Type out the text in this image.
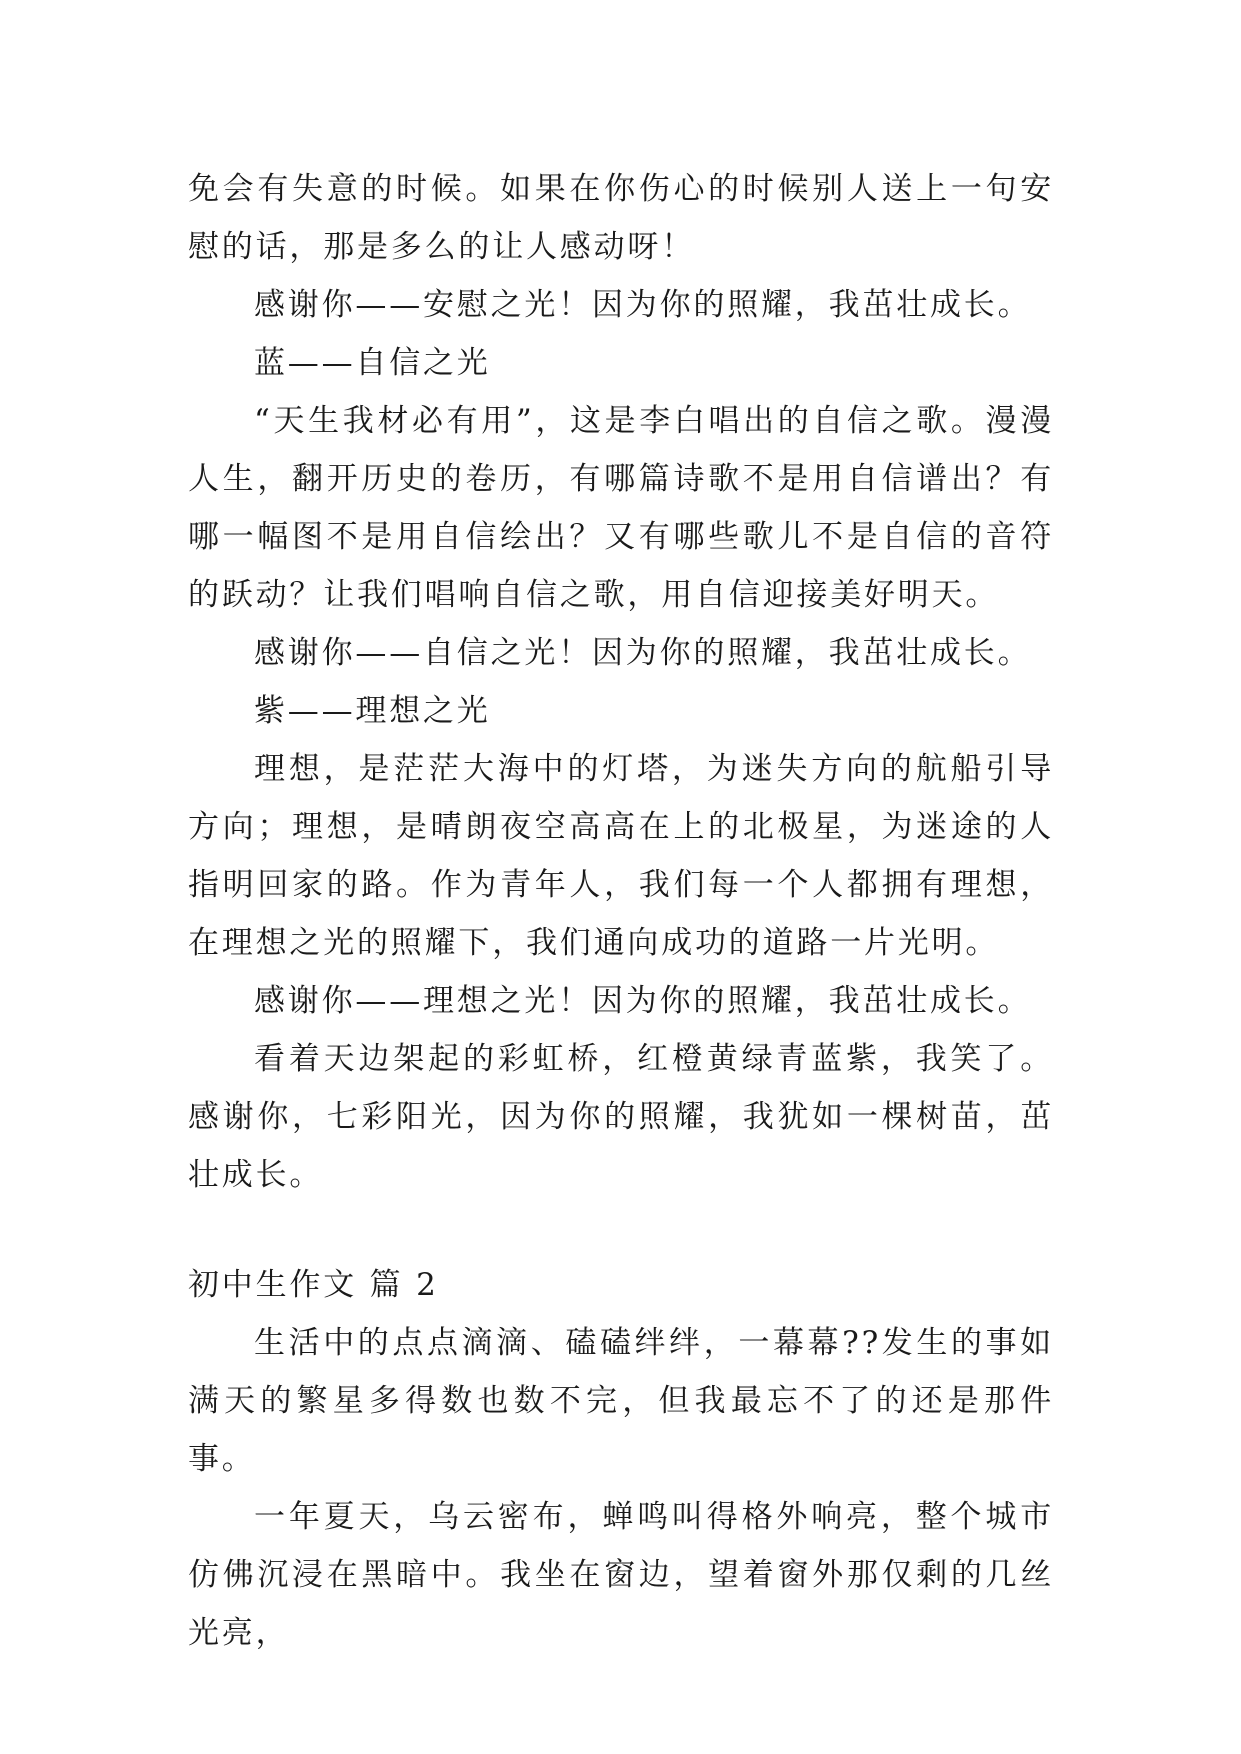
免会有失意的时候。如果在你伤心的时候别人送上一句安慰的话，那是多么的让人感动呀！

感谢你——安慰之光！因为你的照耀，我茁壮成长。

蓝——自信之光

“天生我材必有用”，这是李白唱出的自信之歌。漫漫人生，翻开历史的卷历，有哪篇诗歌不是用自信谱出？有哪一幅图不是用自信绘出？又有哪些歌儿不是自信的音符的跃动？让我们唱响自信之歌，用自信迎接美好明天。

感谢你——自信之光！因为你的照耀，我茁壮成长。

紫——理想之光

理想，是茫茫大海中的灯塔，为迷失方向的航船引导方向；理想，是晴朗夜空高高在上的北极星，为迷途的人指明回家的路。作为青年人，我们每一个人都拥有理想，在理想之光的照耀下，我们通向成功的道路一片光明。

感谢你——理想之光！因为你的照耀，我茁壮成长。

看着天边架起的彩虹桥，红橙黄绿青蓝紫，我笑了。感谢你，七彩阳光，因为你的照耀，我犹如一棵树苗，茁壮成长。

初中生作文 篇 2

生活中的点点滴滴、磕磕绊绊，一幕幕??发生的事如满天的繁星多得数也数不完，但我最忘不了的还是那件事。

一年夏天，乌云密布，蝉鸣叫得格外响亮，整个城市仿佛沉浸在黑暗中。我坐在窗边，望着窗外那仅剩的几丝光亮，
